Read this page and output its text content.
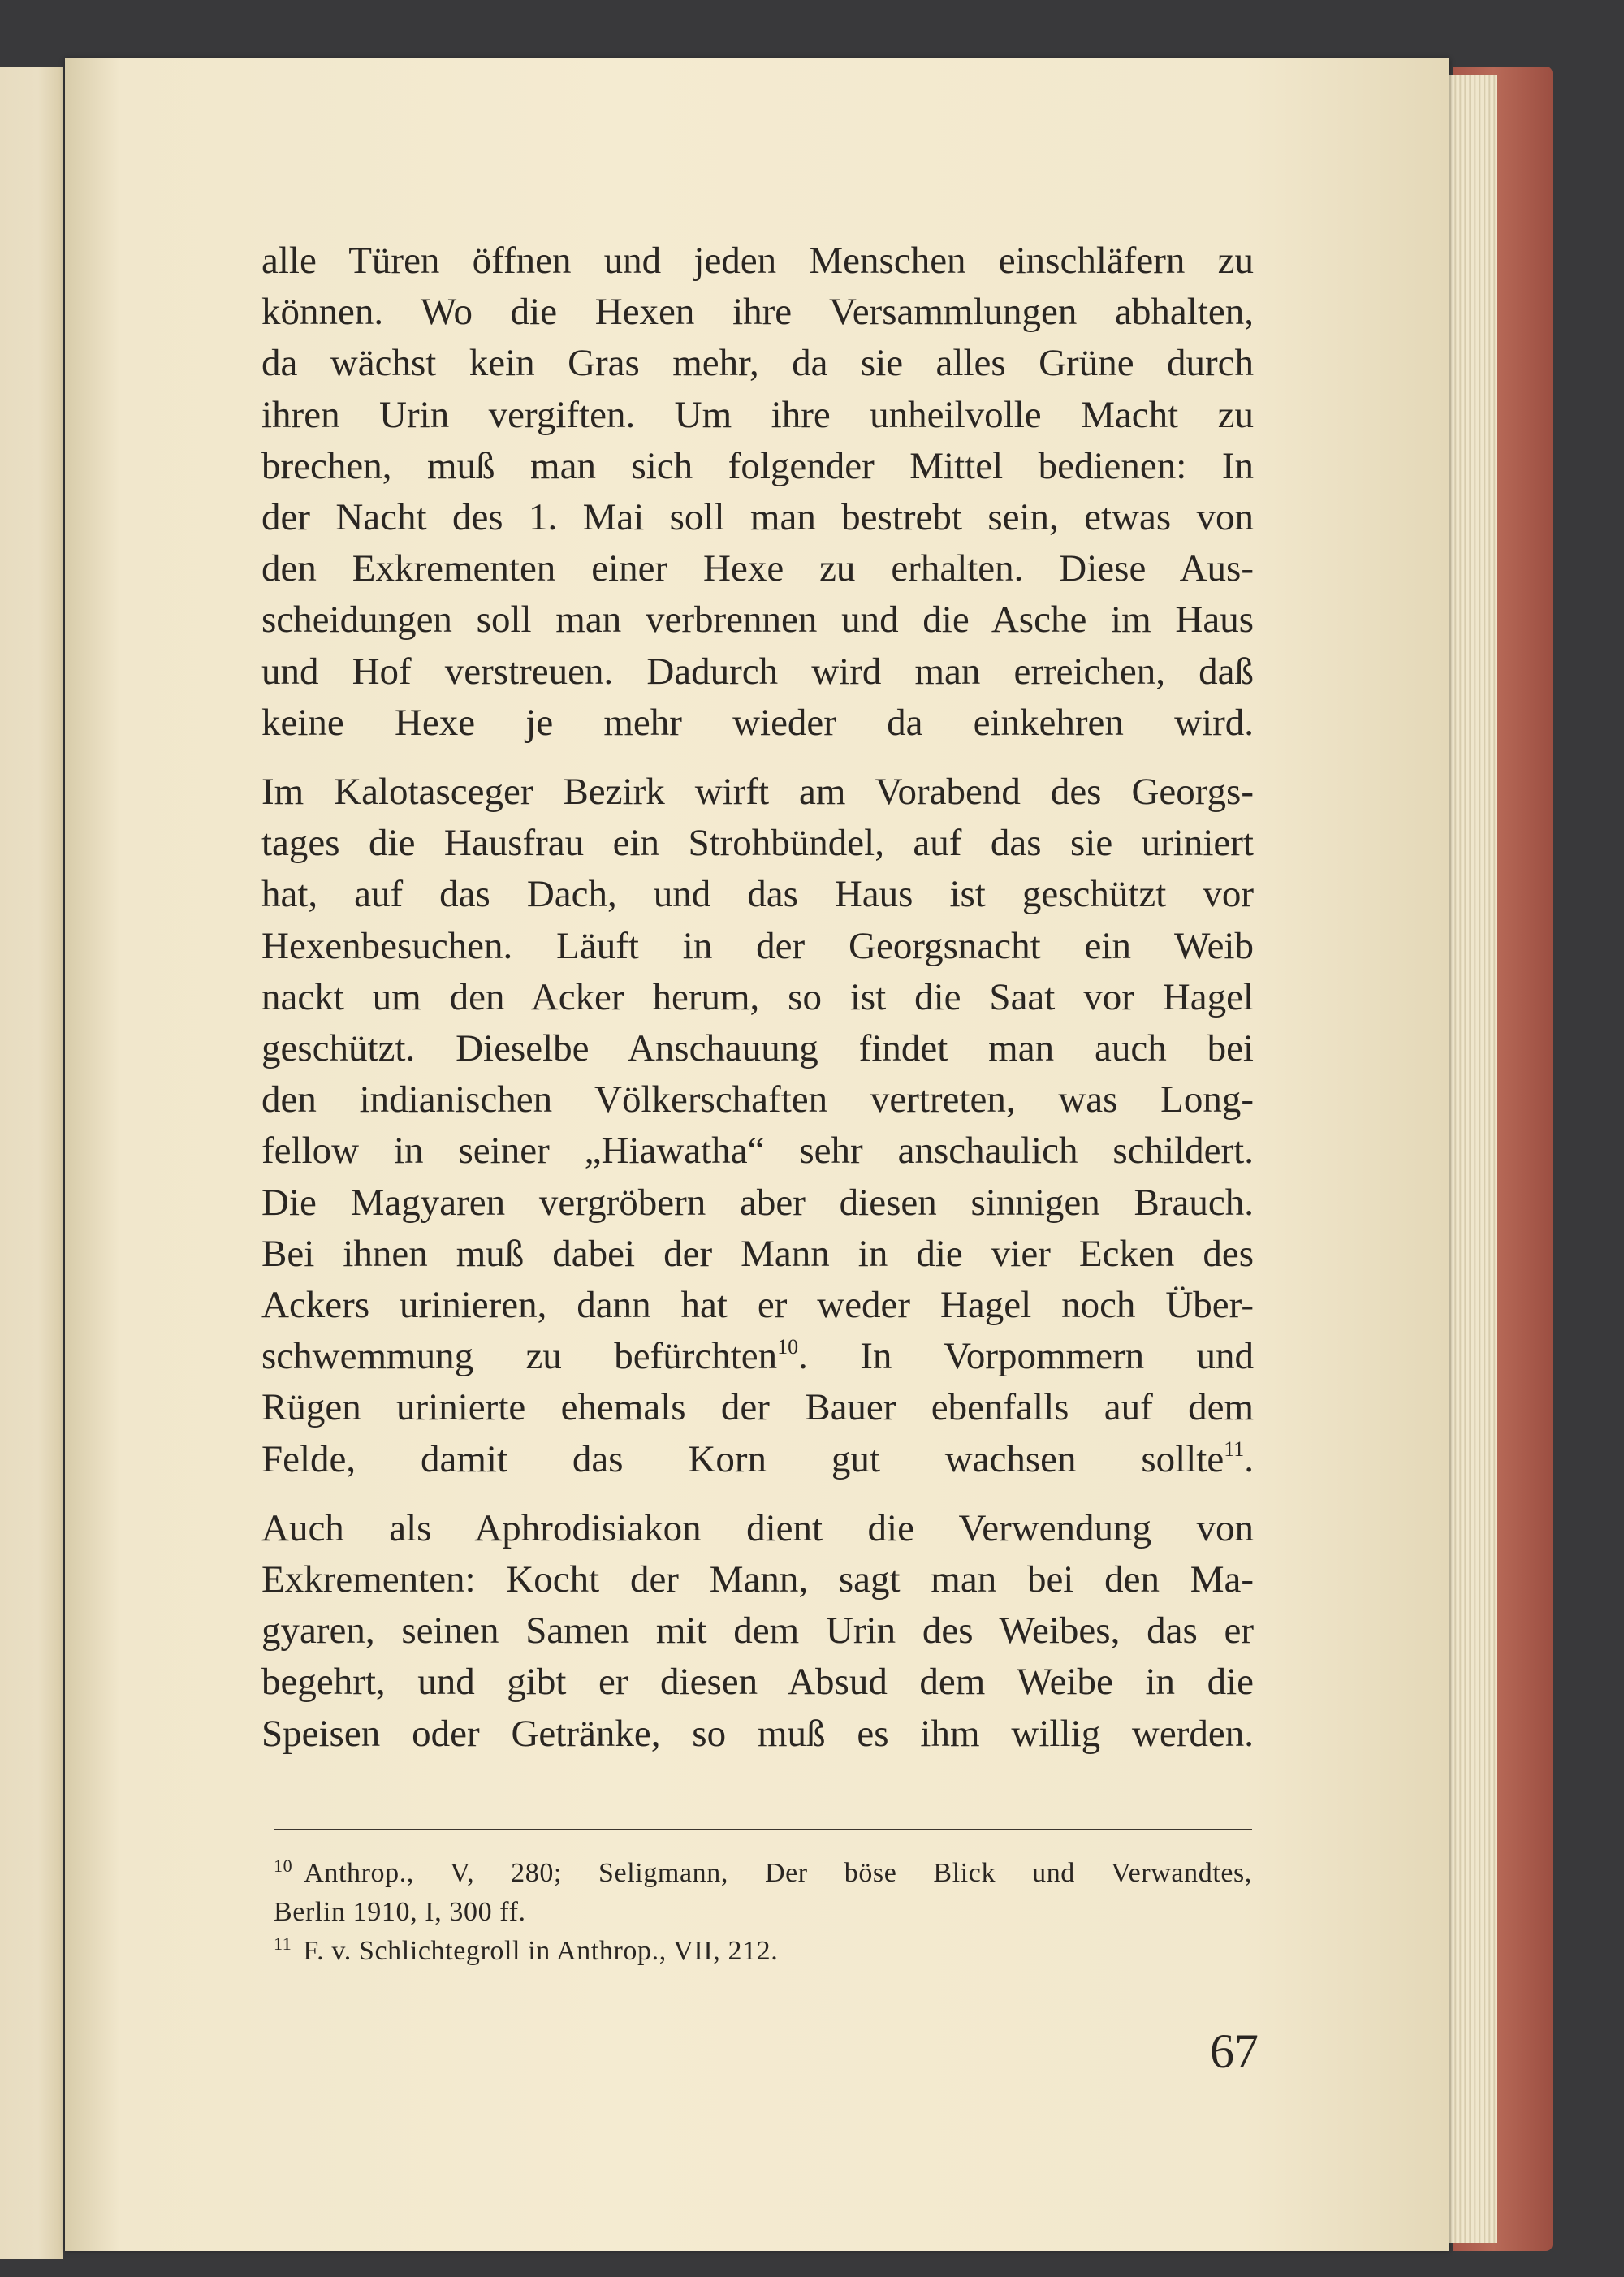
alle Türen öffnen und jeden Menschen einschläfern zu
können. Wo die Hexen ihre Versammlungen abhalten,
da wächst kein Gras mehr, da sie alles Grüne durch
ihren Urin vergiften. Um ihre unheilvolle Macht zu
brechen, muß man sich folgender Mittel bedienen: In
der Nacht des 1. Mai soll man bestrebt sein, etwas von
den Exkrementen einer Hexe zu erhalten. Diese Aus-
scheidungen soll man verbrennen und die Asche im Haus
und Hof verstreuen. Dadurch wird man erreichen, daß
keine Hexe je mehr wieder da einkehren wird.
Im Kalotasceger Bezirk wirft am Vorabend des Georgs-
tages die Hausfrau ein Strohbündel, auf das sie uriniert
hat, auf das Dach, und das Haus ist geschützt vor
Hexenbesuchen. Läuft in der Georgsnacht ein Weib
nackt um den Acker herum, so ist die Saat vor Hagel
geschützt. Dieselbe Anschauung findet man auch bei
den indianischen Völkerschaften vertreten, was Long-
fellow in seiner „Hiawatha“ sehr anschaulich schildert.
Die Magyaren vergröbern aber diesen sinnigen Brauch.
Bei ihnen muß dabei der Mann in die vier Ecken des
Ackers urinieren, dann hat er weder Hagel noch Über-
schwemmung zu befürchten$^{10}$. In Vorpommern und
Rügen urinierte ehemals der Bauer ebenfalls auf dem
Felde, damit das Korn gut wachsen sollte$^{11}$.
Auch als Aphrodisiakon dient die Verwendung von
Exkrementen: Kocht der Mann, sagt man bei den Ma-
gyaren, seinen Samen mit dem Urin des Weibes, das er
begehrt, und gibt er diesen Absud dem Weibe in die
Speisen oder Getränke, so muß es ihm willig werden.

$^{10}$ Anthrop., V, 280; Seligmann, Der böse Blick und Verwandtes,

Berlin 1910, I, 300 ff.

$^{11}$ F. v. Schlichtegroll in Anthrop., VII, 212.

67
